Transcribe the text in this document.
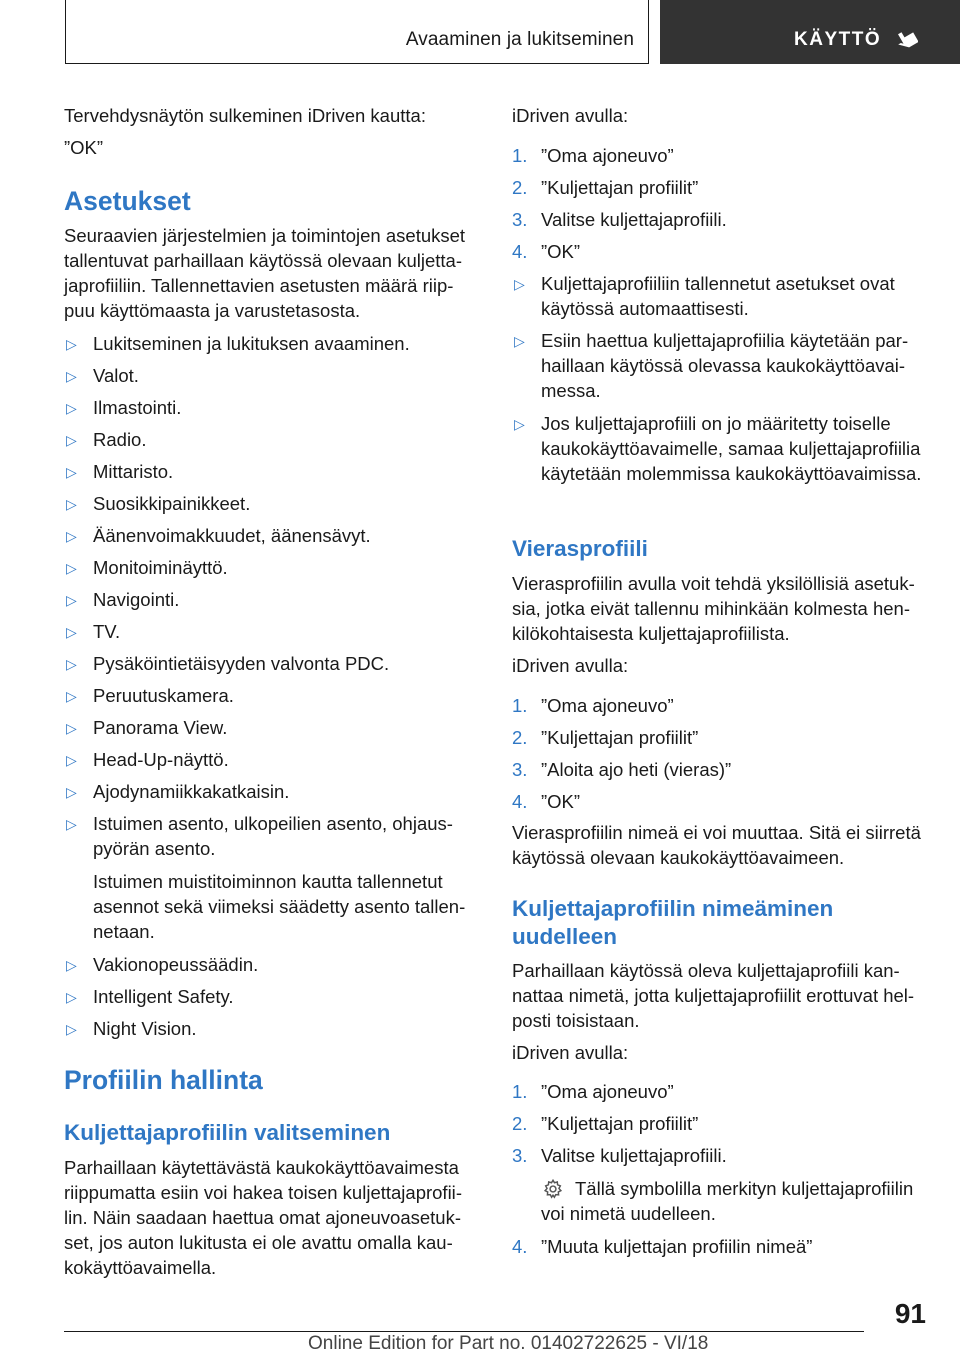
Avaaminen ja lukitseminen	KÄYTTÖ

Tervehdysnäytön sulkeminen iDriven kautta:

”OK”

Asetukset

Seuraavien järjestelmien ja toimintojen asetukset tallentuvat parhaillaan käytössä olevaan kuljettajaprofiiliin. Tallennettavien asetusten määrä riippuu käyttömaasta ja varustetasosta.

▷ Lukitseminen ja lukituksen avaaminen.
▷ Valot.
▷ Ilmastointi.
▷ Radio.
▷ Mittaristo.
▷ Suosikkipainikkeet.
▷ Äänenvoimakkuudet, äänensävyt.
▷ Monitoiminäyttö.
▷ Navigointi.
▷ TV.
▷ Pysäköintietäisyyden valvonta PDC.
▷ Peruutuskamera.
▷ Panorama View.
▷ Head-Up-näyttö.
▷ Ajodynamiikkakatkaisin.
▷ Istuimen asento, ulkopeilien asento, ohjauspyörän asento.

Istuimen muistitoiminnon kautta tallennetut asennot sekä viimeksi säädetty asento tallennetaan.

▷ Vakionopeussäädin.
▷ Intelligent Safety.
▷ Night Vision.
Profiilin hallinta
Kuljettajaprofiilin valitseminen

Parhaillaan käytettävästä kaukokäyttöavaimesta riippumatta esiin voi hakea toisen kuljettajaprofiilin. Näin saadaan haettua omat ajoneuvoasetukset, jos auton lukitusta ei ole avattu omalla kaukokäyttöavaimella.

iDriven avulla:

1. ”Oma ajoneuvo”
2. ”Kuljettajan profiilit”
3. Valitse kuljettajaprofiili.
4. ”OK”
▷ Kuljettajaprofiiliin tallennetut asetukset ovat käytössä automaattisesti.
▷ Esiin haettua kuljettajaprofiilia käytetään parhaillaan käytössä olevassa kaukokäyttöavaimessa.
▷ Jos kuljettajaprofiili on jo määritetty toiselle kaukokäyttöavaimelle, samaa kuljettajaprofiilia käytetään molemmissa kaukokäyttöavaimissa.
Vierasprofiili

Vierasprofiilin avulla voit tehdä yksilöllisiä asetuksia, jotka eivät tallennu mihinkään kolmesta henkilökohtaisesta kuljettajaprofiilista.

iDriven avulla:

1. ”Oma ajoneuvo”
2. ”Kuljettajan profiilit”
3. ”Aloita ajo heti (vieras)”
4. ”OK”

Vierasprofiilin nimeä ei voi muuttaa. Sitä ei siirretä käytössä olevaan kaukokäyttöavaimeen.

Kuljettajaprofiilin nimeäminen uudelleen

Parhaillaan käytössä oleva kuljettajaprofiili kannattaa nimetä, jotta kuljettajaprofiilit erottuvat helposti toisistaan.

iDriven avulla:

1. ”Oma ajoneuvo”
2. ”Kuljettajan profiilit”
3. Valitse kuljettajaprofiili.
Tällä symbolilla merkityn kuljettajaprofiilin voi nimetä uudelleen.
4. ”Muuta kuljettajan profiilin nimeä”
91
Online Edition for Part no. 01402722625 - VI/18
